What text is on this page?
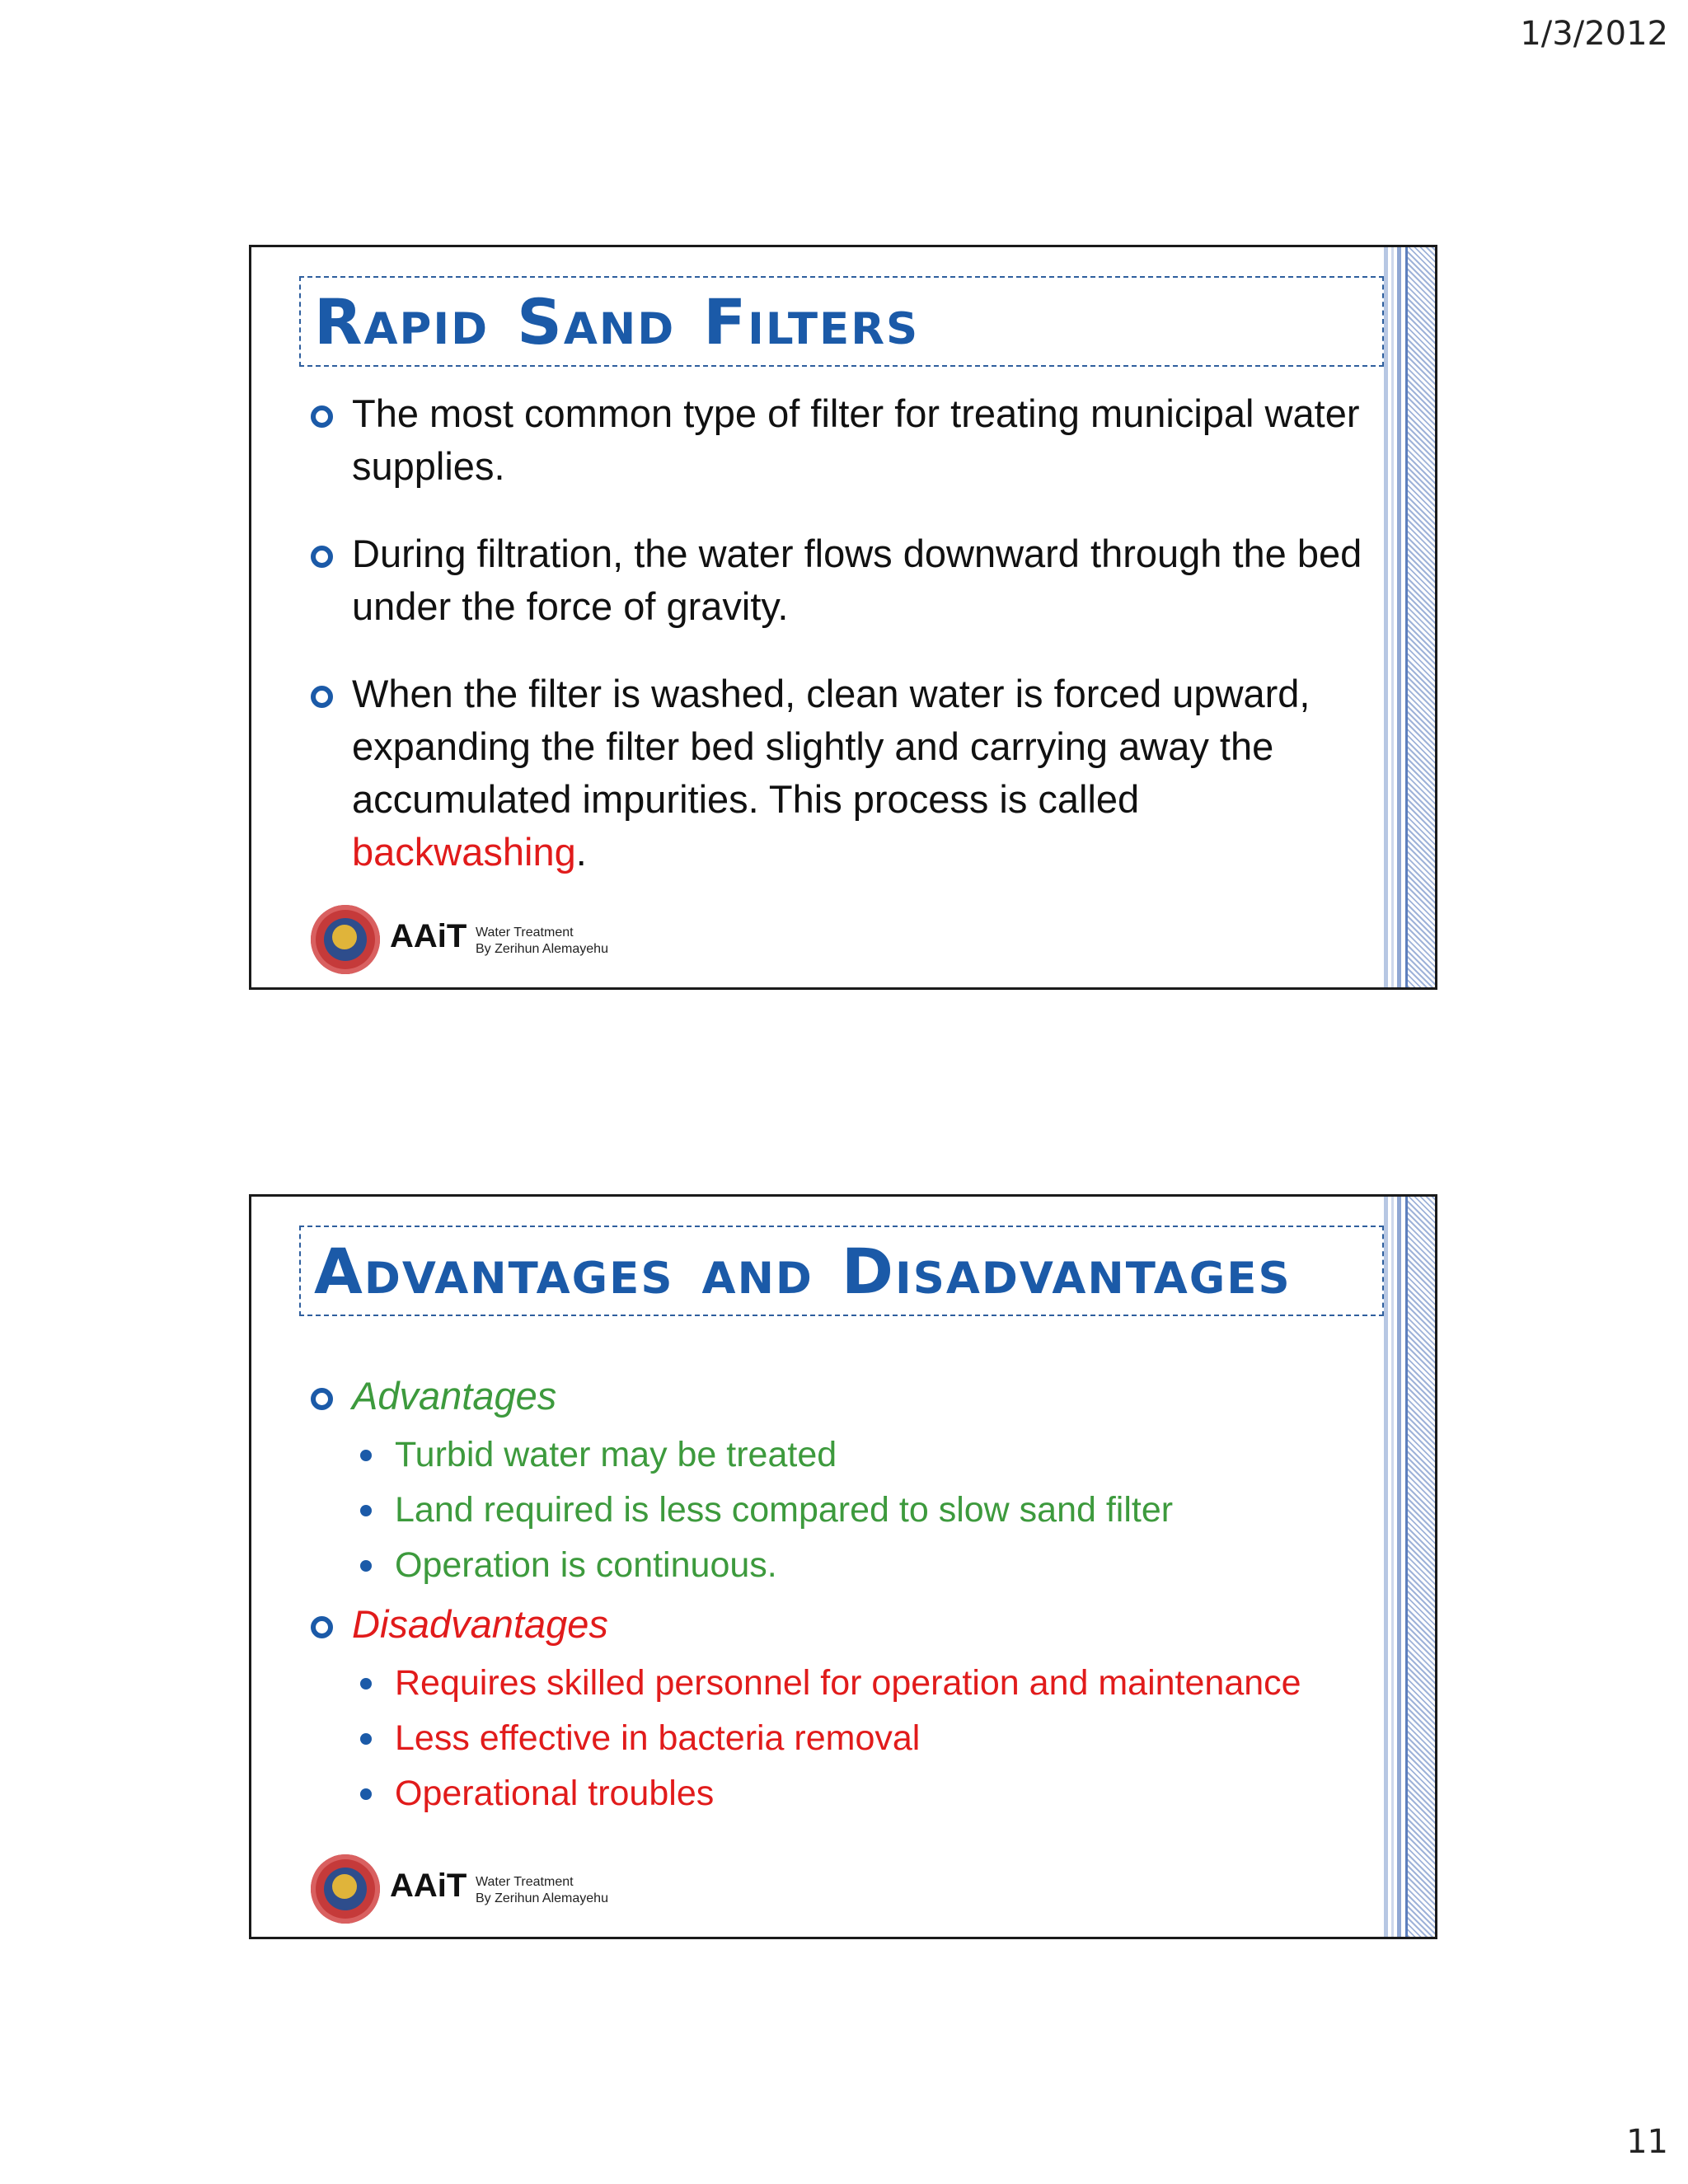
1/3/2012
Rapid Sand Filters
The most common type of filter for treating municipal water supplies.
During filtration, the water flows downward through the bed under the force of gravity.
When the filter is washed, clean water is forced upward, expanding the filter bed slightly and carrying away the accumulated impurities. This process is called
backwashing.
AAiT Water Treatment
By Zerihun Alemayehu
Advantages and Disadvantages
Advantages
Turbid water may be treated
Land required is less compared to slow sand filter
Operation is continuous.
Disadvantages
Requires skilled personnel for operation and maintenance
Less effective in bacteria removal
Operational troubles
AAiT Water Treatment
By Zerihun Alemayehu
11
